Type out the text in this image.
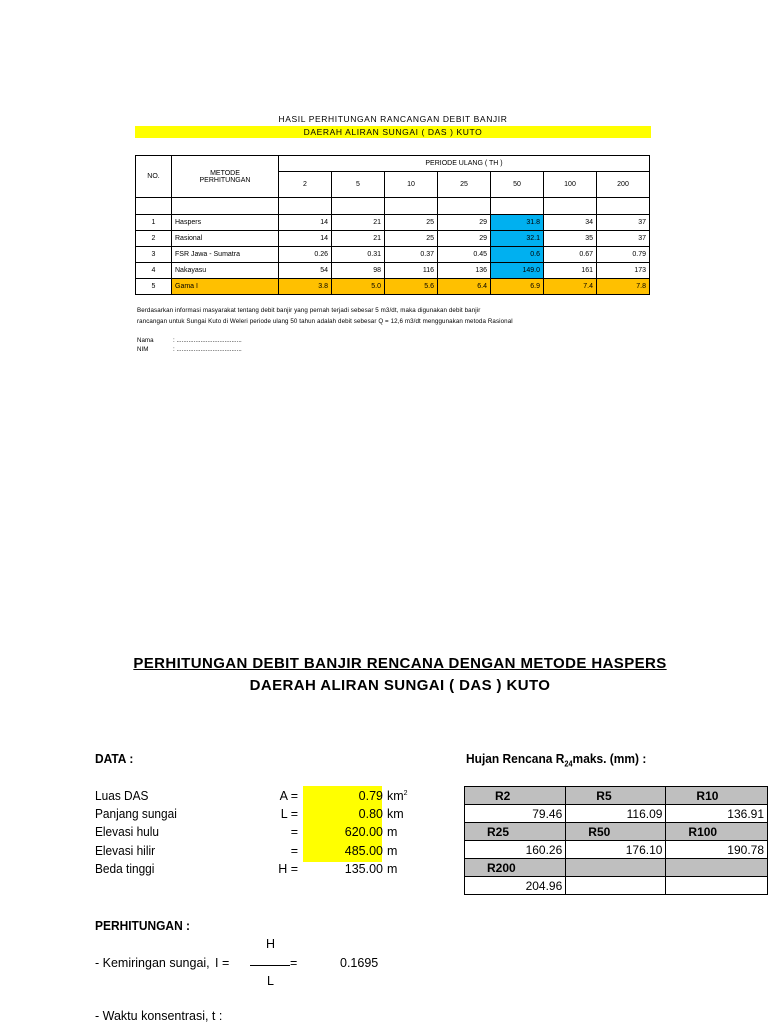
HASIL PERHITUNGAN RANCANGAN DEBIT BANJIR
DAERAH ALIRAN SUNGAI ( DAS ) KUTO
NO.	METODE
PERHITUNGAN	PERIODE ULANG ( TH )						
		2	5	10	25	50	100	200

1	Haspers	14	21	25	29	31.8	34	37
2	Rasional	14	21	25	29	32.1	35	37
3	FSR Jawa - Sumatra	0.26	0.31	0.37	0.45	0.6	0.67	0.79
4	Nakayasu	54	98	116	136	149.0	161	173
5	Gama I	3.8	5.0	5.6	6.4	6.9	7.4	7.8
Berdasarkan informasi masyarakat tentang debit banjir yang pernah terjadi sebesar 5 m3/dt, maka digunakan debit banjir
rancangan untuk Sungai Kuto di Weleri periode ulang 50 tahun adalah debit sebesar Q = 12,6 m3/dt menggunakan metoda Rasional
Nama	: ......................................
NIM	: ......................................
PERHITUNGAN DEBIT BANJIR RENCANA DENGAN METODE HASPERS
DAERAH ALIRAN SUNGAI ( DAS ) KUTO
DATA :	Hujan Rencana $R_{24}maks$. (mm) :
Luas DAS	A =	0.79 $km^2$
Panjang sungai	L =	0.80 km
Elevasi hulu	=	620.00 m
Elevasi hilir	=	485.00 m
Beda tinggi	H =	135.00 m
R2	R5	R10
79.46	116.09	136.91
R25	R50	R100
160.26	176.10	190.78
R200		
204.96		
PERHITUNGAN :
- Kemiringan sungai, I =
H
L
=	0.1695
- Waktu konsentrasi, t :
